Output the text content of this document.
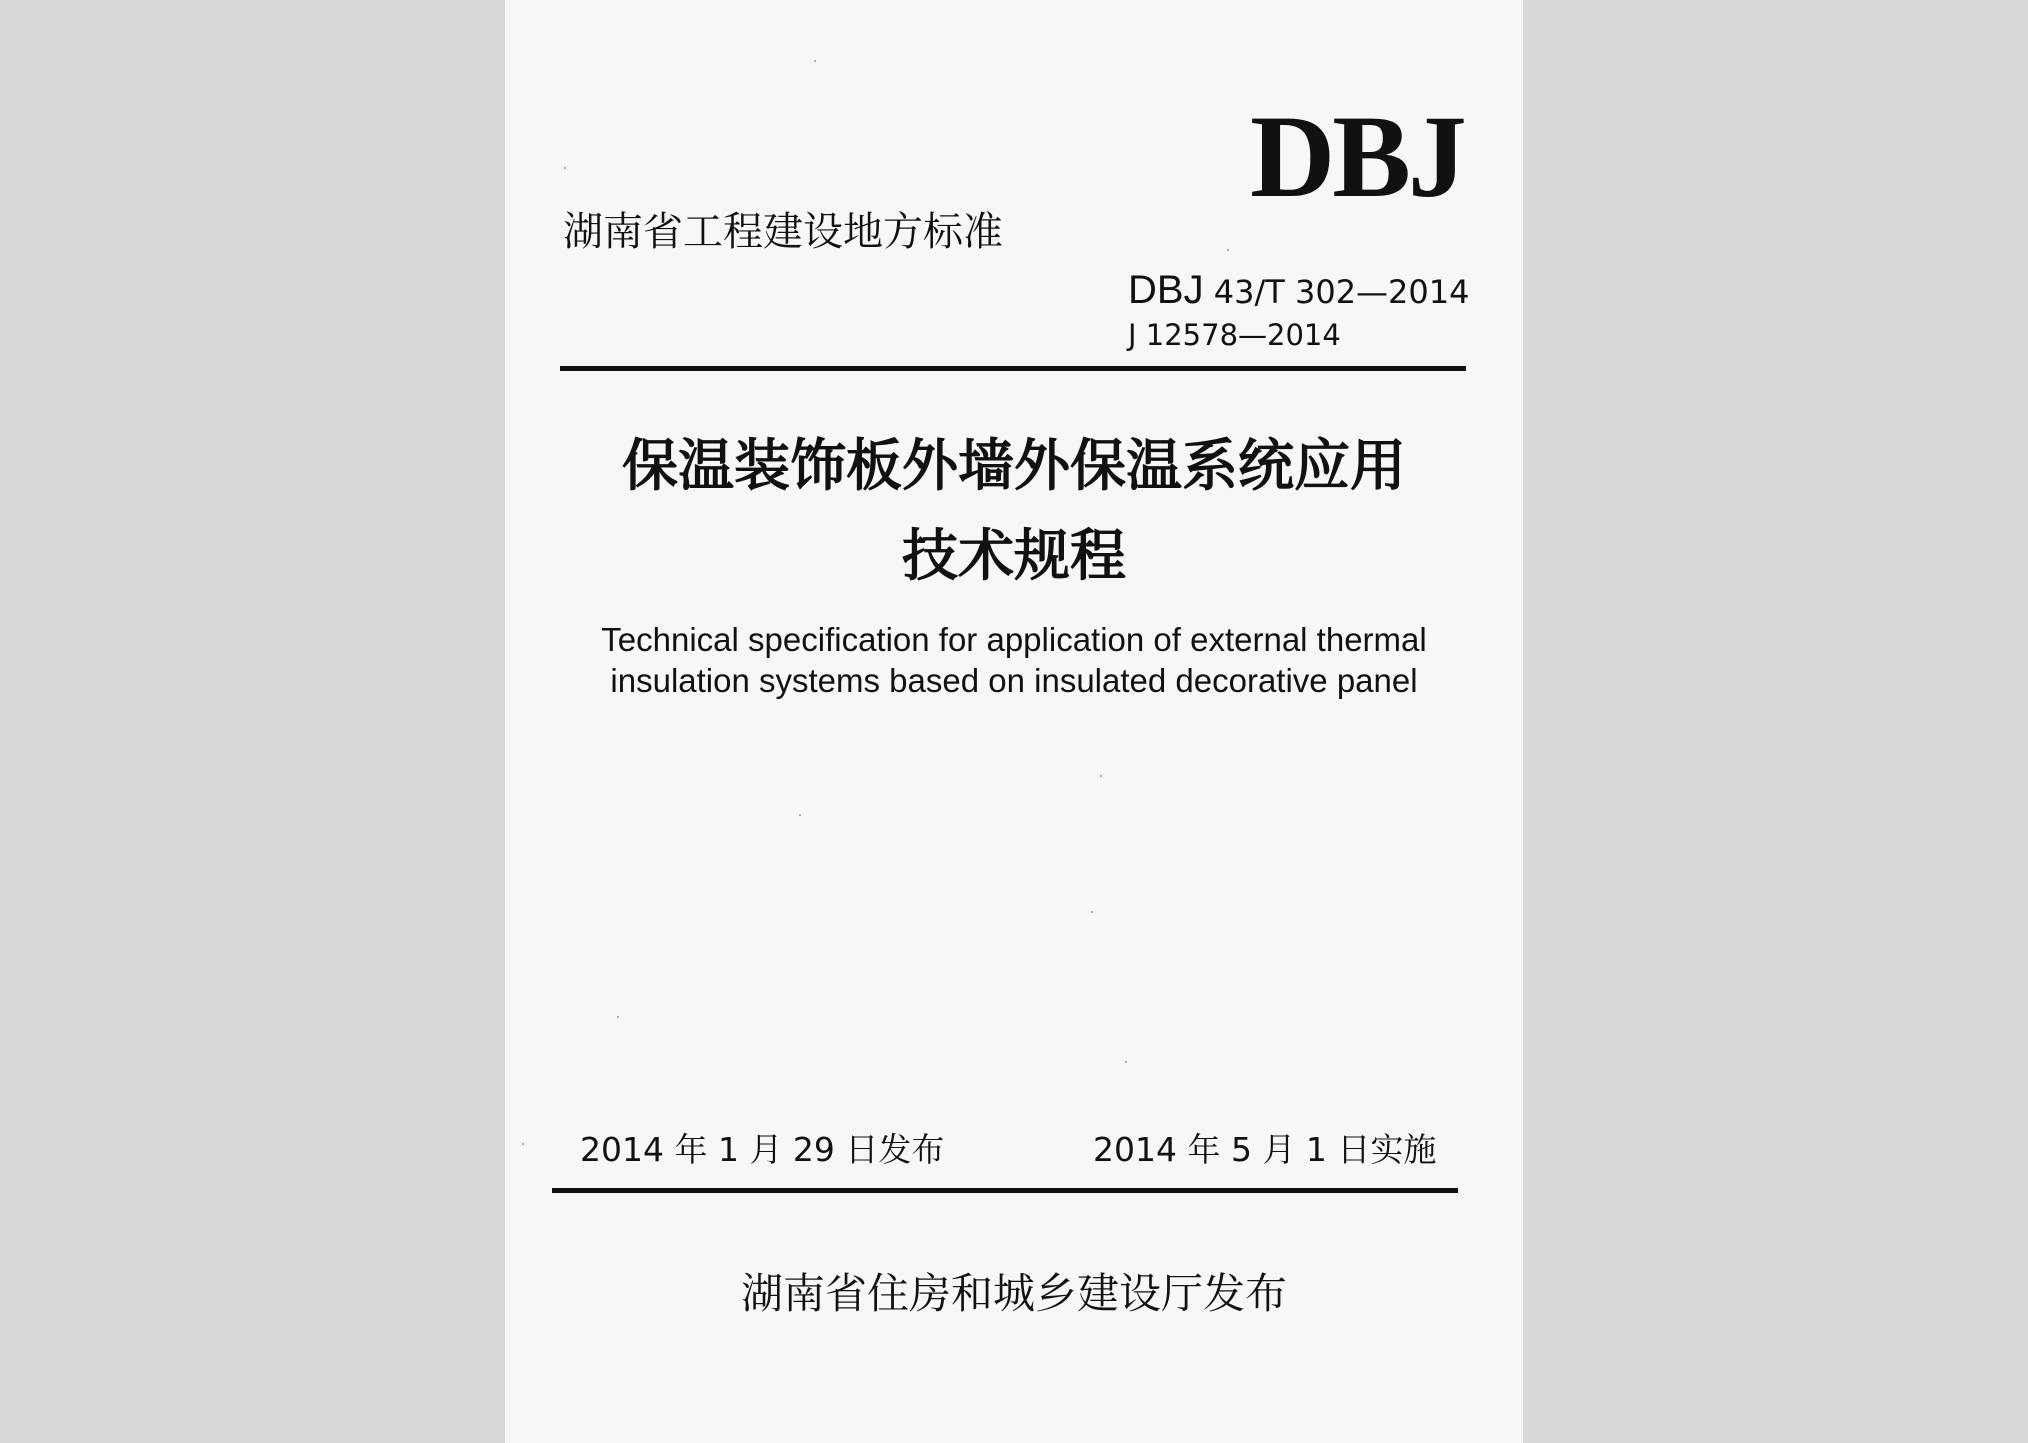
DBJ
湖南省工程建设地方标准
DBJ 43/T 302—2014
J 12578—2014
保温装饰板外墙外保温系统应用
技术规程
Technical specification for application of external thermal
insulation systems based on insulated decorative panel
2014 年 1 月 29 日发布	2014 年 5 月 1 日实施
湖南省住房和城乡建设厅发布
